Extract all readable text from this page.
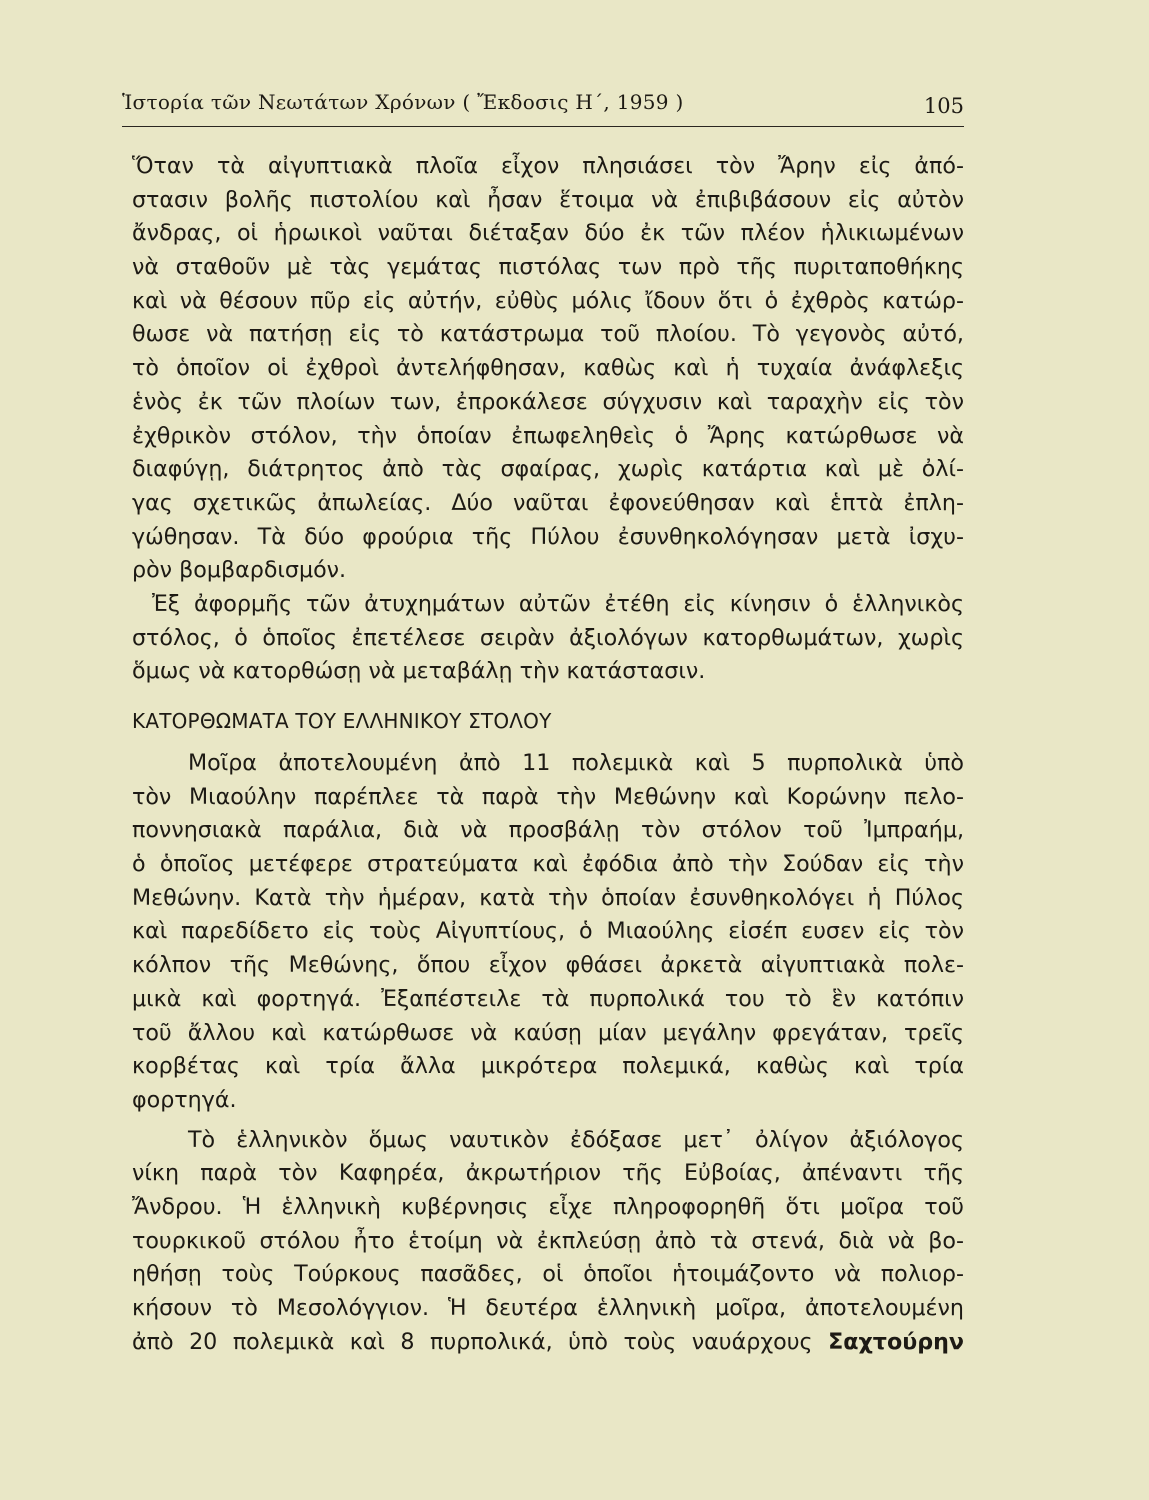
Ἱστορία τῶν Νεωτάτων Χρόνων ( Ἔκδοσις Η΄, 1959 )	105
Ὅταν τὰ αἰγυπτιακὰ πλοῖα εἶχον πλησιάσει τὸν Ἄρην εἰς ἀπό-
στασιν βολῆς πιστολίου καὶ ἦσαν ἕτοιμα νὰ ἐπιβιβάσουν εἰς αὐτὸν
ἄνδρας, οἱ ἡρωικοὶ ναῦται διέταξαν δύο ἐκ τῶν πλέον ἡλικιωμένων
νὰ σταθοῦν μὲ τὰς γεμάτας πιστόλας των πρὸ τῆς πυριταποθήκης
καὶ νὰ θέσουν πῦρ εἰς αὐτήν, εὐθὺς μόλις ἴδουν ὅτι ὁ ἐχθρὸς κατώρ-
θωσε νὰ πατήσῃ εἰς τὸ κατάστρωμα τοῦ πλοίου. Τὸ γεγονὸς αὐτό,
τὸ ὁποῖον οἱ ἐχθροὶ ἀντελήφθησαν, καθὼς καὶ ἡ τυχαία ἀνάφλεξις
ἑνὸς ἐκ τῶν πλοίων των, ἐπροκάλεσε σύγχυσιν καὶ ταραχὴν εἰς τὸν
ἐχθρικὸν στόλον, τὴν ὁποίαν ἐπωφεληθεὶς ὁ Ἄρης κατώρθωσε νὰ
διαφύγῃ, διάτρητος ἀπὸ τὰς σφαίρας, χωρὶς κατάρτια καὶ μὲ ὀλί-
γας σχετικῶς ἀπωλείας. Δύο ναῦται ἐφονεύθησαν καὶ ἑπτὰ ἐπλη-
γώθησαν. Τὰ δύο φρούρια τῆς Πύλου ἐσυνθηκολόγησαν μετὰ ἰσχυ-
ρὸν βομβαρδισμόν.
Ἐξ ἀφορμῆς τῶν ἀτυχημάτων αὐτῶν ἐτέθη εἰς κίνησιν ὁ ἑλληνικὸς
στόλος, ὁ ὁποῖος ἐπετέλεσε σειρὰν ἀξιολόγων κατορθωμάτων, χωρὶς
ὅμως νὰ κατορθώσῃ νὰ μεταβάλῃ τὴν κατάστασιν.
ΚΑΤΟΡΘΩΜΑΤΑ ΤΟΥ ΕΛΛΗΝΙΚΟΥ ΣΤΟΛΟΥ
Μοῖρα ἀποτελουμένη ἀπὸ 11 πολεμικὰ καὶ 5 πυρπολικὰ ὑπὸ
τὸν Μιαούλην παρέπλεε τὰ παρὰ τὴν Μεθώνην καὶ Κορώνην πελο-
ποννησιακὰ παράλια, διὰ νὰ προσβάλῃ τὸν στόλον τοῦ Ἰμπραήμ,
ὁ ὁποῖος μετέφερε στρατεύματα καὶ ἐφόδια ἀπὸ τὴν Σούδαν εἰς τὴν
Μεθώνην. Κατὰ τὴν ἡμέραν, κατὰ τὴν ὁποίαν ἐσυνθηκολόγει ἡ Πύλος
καὶ παρεδίδετο εἰς τοὺς Αἰγυπτίους, ὁ Μιαούλης εἰσέπ ευσεν εἰς τὸν
κόλπον τῆς Μεθώνης, ὅπου εἶχον φθάσει ἀρκετὰ αἰγυπτιακὰ πολε-
μικὰ καὶ φορτηγά. Ἐξαπέστειλε τὰ πυρπολικά του τὸ ἓν κατόπιν
τοῦ ἄλλου καὶ κατώρθωσε νὰ καύσῃ μίαν μεγάλην φρεγάταν, τρεῖς
κορβέτας καὶ τρία ἄλλα μικρότερα πολεμικά, καθὼς καὶ τρία
φορτηγά.
Τὸ ἑλληνικὸν ὅμως ναυτικὸν ἐδόξασε μετ᾽ ὀλίγον ἀξιόλογος
νίκη παρὰ τὸν Καφηρέα, ἀκρωτήριον τῆς Εὐβοίας, ἀπέναντι τῆς
Ἄνδρου. Ἡ ἑλληνικὴ κυβέρνησις εἶχε πληροφορηθῆ ὅτι μοῖρα τοῦ
τουρκικοῦ στόλου ἦτο ἑτοίμη νὰ ἐκπλεύσῃ ἀπὸ τὰ στενά, διὰ νὰ βο-
ηθήσῃ τοὺς Τούρκους πασᾶδες, οἱ ὁποῖοι ἡτοιμάζοντο νὰ πολιορ-
κήσουν τὸ Μεσολόγγιον. Ἡ δευτέρα ἑλληνικὴ μοῖρα, ἀποτελουμένη
ἀπὸ 20 πολεμικὰ καὶ 8 πυρπολικά, ὑπὸ τοὺς ναυάρχους Σαχτούρην
